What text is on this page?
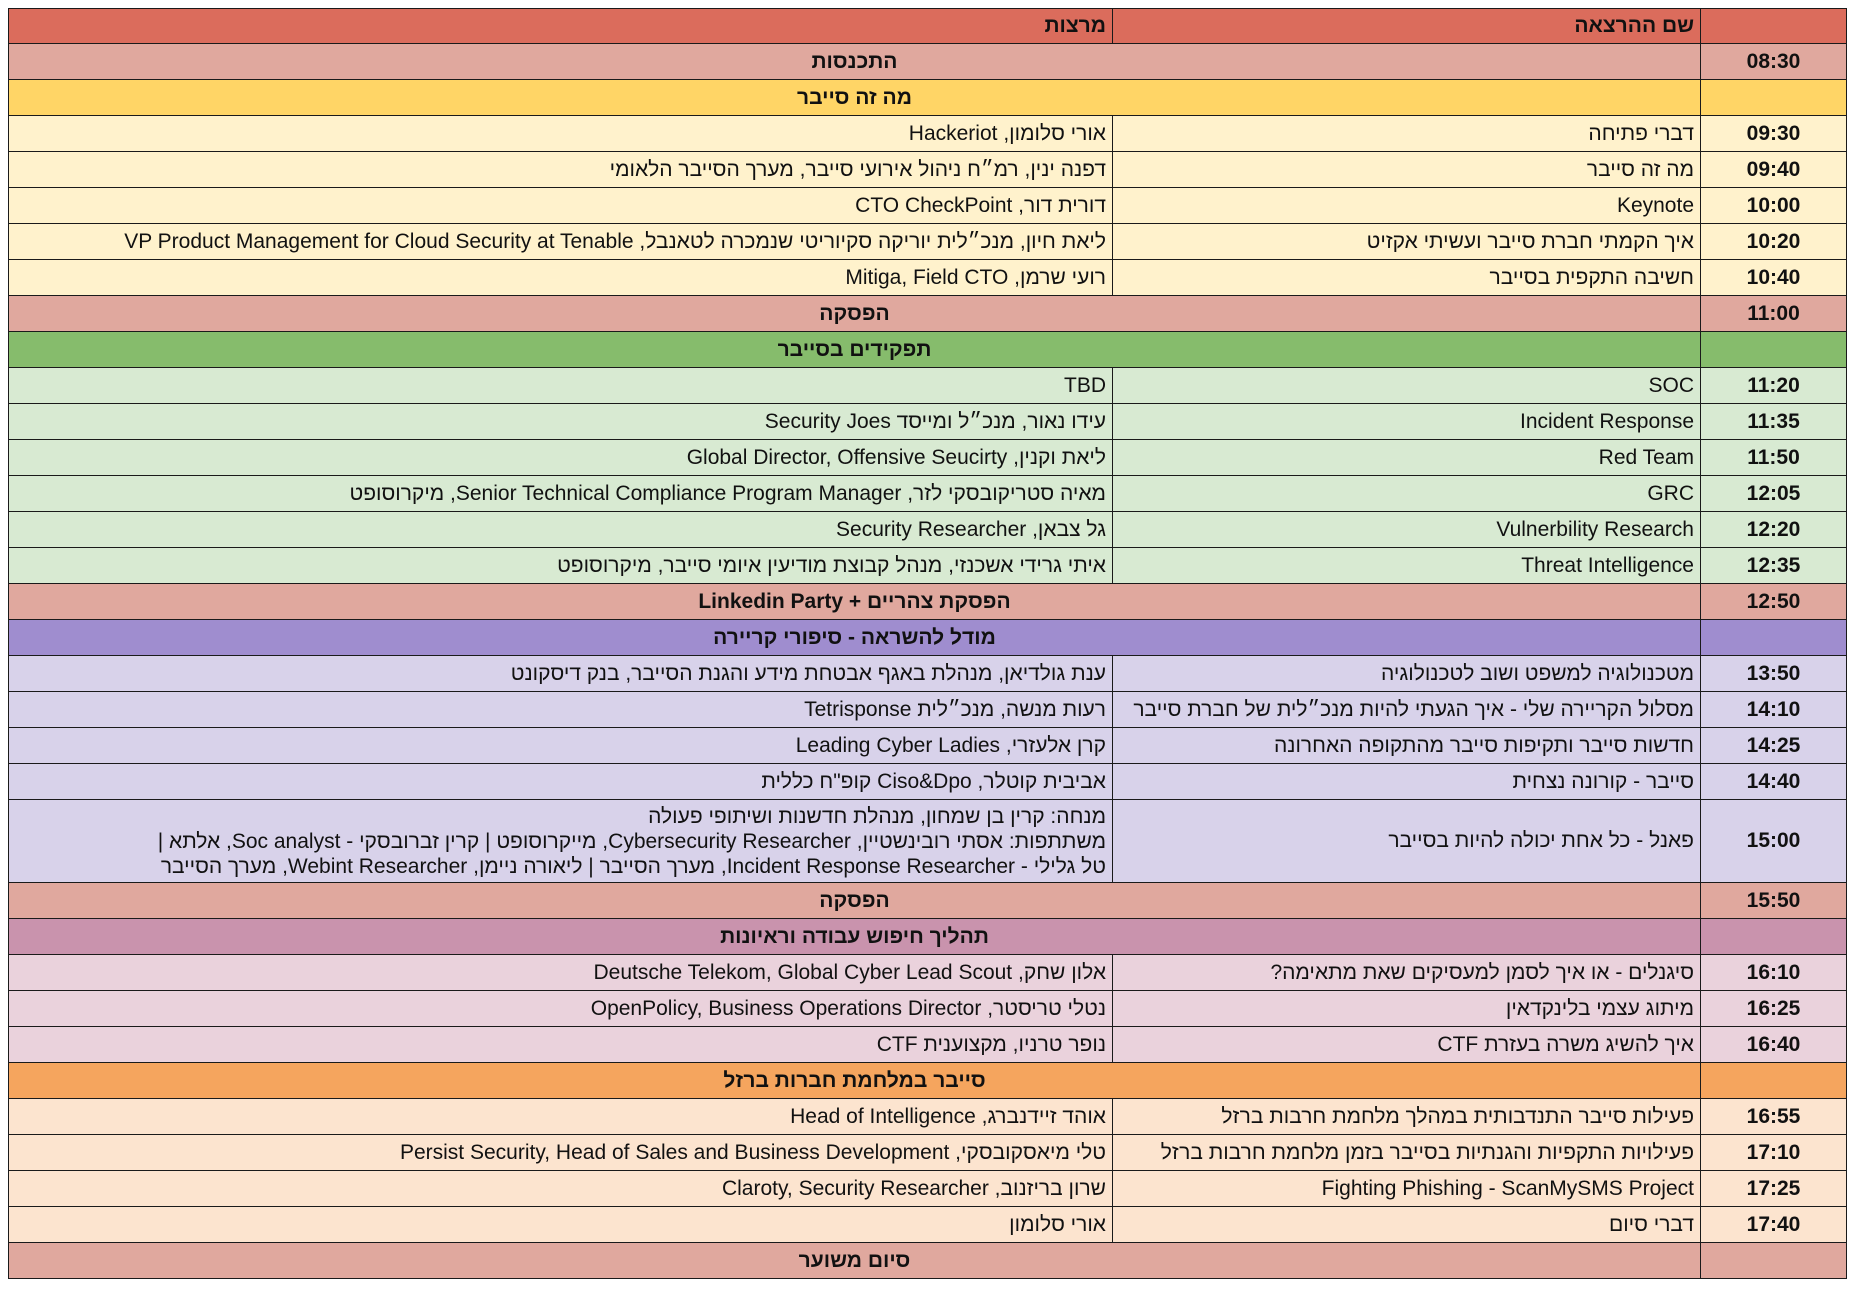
	שם ההרצאה	מרצות
08:30	התכנסות	
	מה זה סייבר	
09:30	דברי פתיחה	אורי סלומון, Hackeriot
09:40	מה זה סייבר	דפנה ינין, רמ״ח ניהול אירועי סייבר, מערך הסייבר הלאומי
10:00	Keynote	דורית דור, CTO CheckPoint
10:20	איך הקמתי חברת סייבר ועשיתי אקזיט	ליאת חיון, מנכ״לית יוריקה סקיוריטי שנמכרה לטאנבל, VP Product Management for Cloud Security at Tenable
10:40	חשיבה התקפית בסייבר	רועי שרמן, Mitiga, Field CTO
11:00	הפסקה	
	תפקידים בסייבר	
11:20	SOC	TBD
11:35	Incident Response	עידו נאור, מנכ״ל ומייסד Security Joes
11:50	Red Team	ליאת וקנין, Global Director, Offensive Seucirty
12:05	GRC	מאיה סטריקובסקי לזר, Senior Technical Compliance Program Manager, מיקרוסופט
12:20	Vulnerbility Research	גל צבאן, Security Researcher
12:35	Threat Intelligence	איתי גרידי אשכנזי, מנהל קבוצת מודיעין איומי סייבר, מיקרוסופט
12:50	הפסקת צהריים + Linkedin Party	
	מודל להשראה - סיפורי קריירה	
13:50	מטכנולוגיה למשפט ושוב לטכנולוגיה	ענת גולדיאן, מנהלת באגף אבטחת מידע והגנת הסייבר, בנק דיסקונט
14:10	מסלול הקריירה שלי - איך הגעתי להיות מנכ״לית של חברת סייבר	רעות מנשה, מנכ״לית Tetrisponse
14:25	חדשות סייבר ותקיפות סייבר מהתקופה האחרונה	קרן אלעזרי, Leading Cyber Ladies
14:40	סייבר - קורונה נצחית	אביבית קוטלר, Ciso&Dpo קופ"ח כללית
15:00	פאנל - כל אחת יכולה להיות בסייבר	מנחה: קרין בן שמחון, מנהלת חדשנות ושיתופי פעולה
משתתפות: אסתי רובינשטיין, Cybersecurity Researcher, מייקרוסופט | קרין זברובסקי - Soc analyst, אלתא |
טל גלילי - Incident Response Researcher, מערך הסייבר | ליאורה ניימן, Webint Researcher, מערך הסייבר

15:50	הפסקה	
	תהליך חיפוש עבודה וראיונות	
16:10	סיגנלים - או איך לסמן למעסיקים שאת מתאימה?	אלון שחק, Deutsche Telekom, Global Cyber Lead Scout
16:25	מיתוג עצמי בלינקדאין	נטלי טריסטר, OpenPolicy, Business Operations Director
16:40	איך להשיג משרה בעזרת CTF	נופר טרניו, מקצוענית CTF
	סייבר במלחמת חברות ברזל	
16:55	פעילות סייבר התנדבותית במהלך מלחמת חרבות ברזל	אוהד זיידנברג, Head of Intelligence
17:10	פעילויות התקפיות והגנתיות בסייבר בזמן מלחמת חרבות ברזל	טלי מיאסקובסקי, Persist Security, Head of Sales and Business Development
17:25	Fighting Phishing - ScanMySMS Project	שרון בריזנוב, Claroty, Security Researcher
17:40	דברי סיום	אורי סלומון
	סיום משוער	
